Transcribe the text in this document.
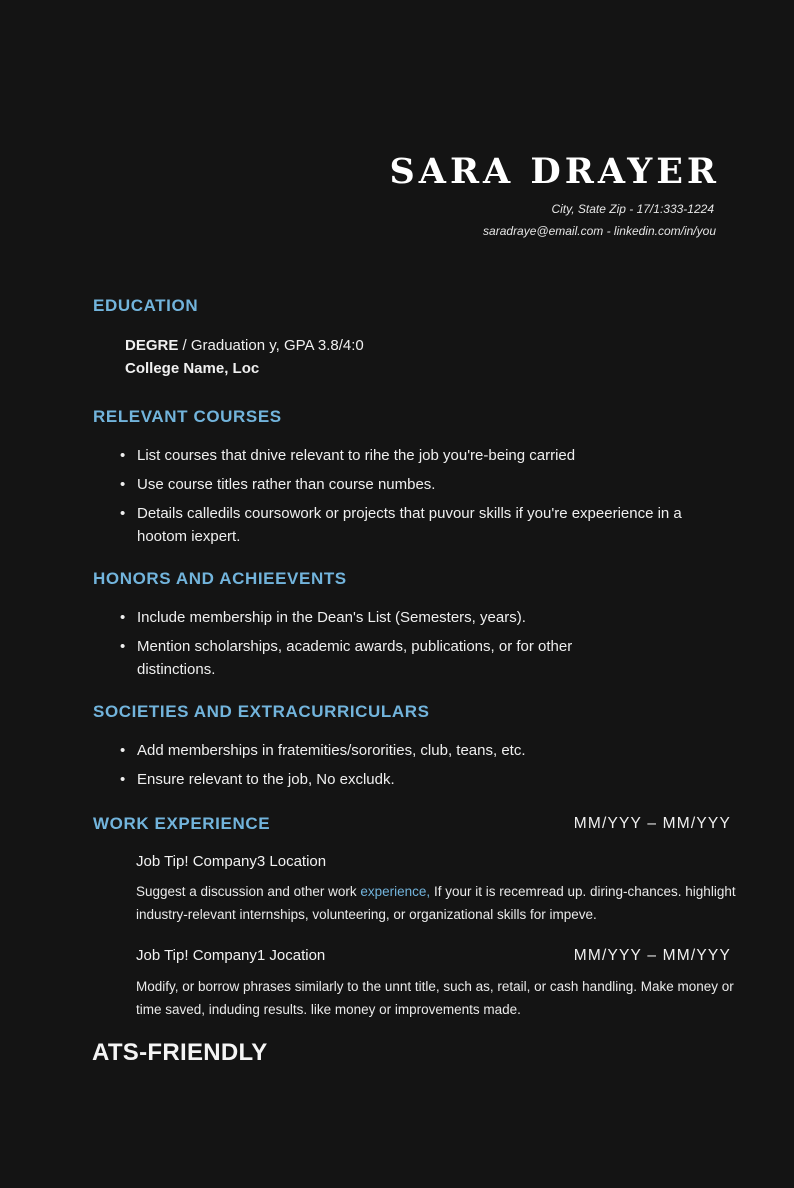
SARA DRAYER
City, State Zip - 17/1:333-1224
saradraye@email.com - linkedin.com/in/you
EDUCATION
DEGRE / Graduation y, GPA 3.8/4:0
College Name, Loc
RELEVANT COURSES
• List courses that dnive relevant to rihe the job you're-being carried
• Use course titles rather than course numbes.
• Details calledils coursowork or projects that puvour skills if you're expeerience in a hootom iexpert.
HONORS AND ACHIEEVENTS
• Include membership in the Dean's List (Semesters, years).
• Mention scholarships, academic awards, publications, or for other distinctions.
SOCIETIES AND EXTRACURRICULARS
• Add memberships in fratemities/sororities, club, teans, etc.
• Ensure relevant to the job, No excludk.
WORK EXPERIENCE	MM/YYY – MM/YYY
Job Tip! Company3 Location
Suggest a discussion and other work experience, If your it is recemread up. diring-chances. highlight industry-relevant internships, volunteering, or organizational skills for impeve.
Job Tip! Company1 Jocation	MM/YYY – MM/YYY
Modify, or borrow phrases similarly to the unnt title, such as, retail, or cash handling. Make money or time saved, induding results. like money or improvements made.
ATS-FRIENDLY
